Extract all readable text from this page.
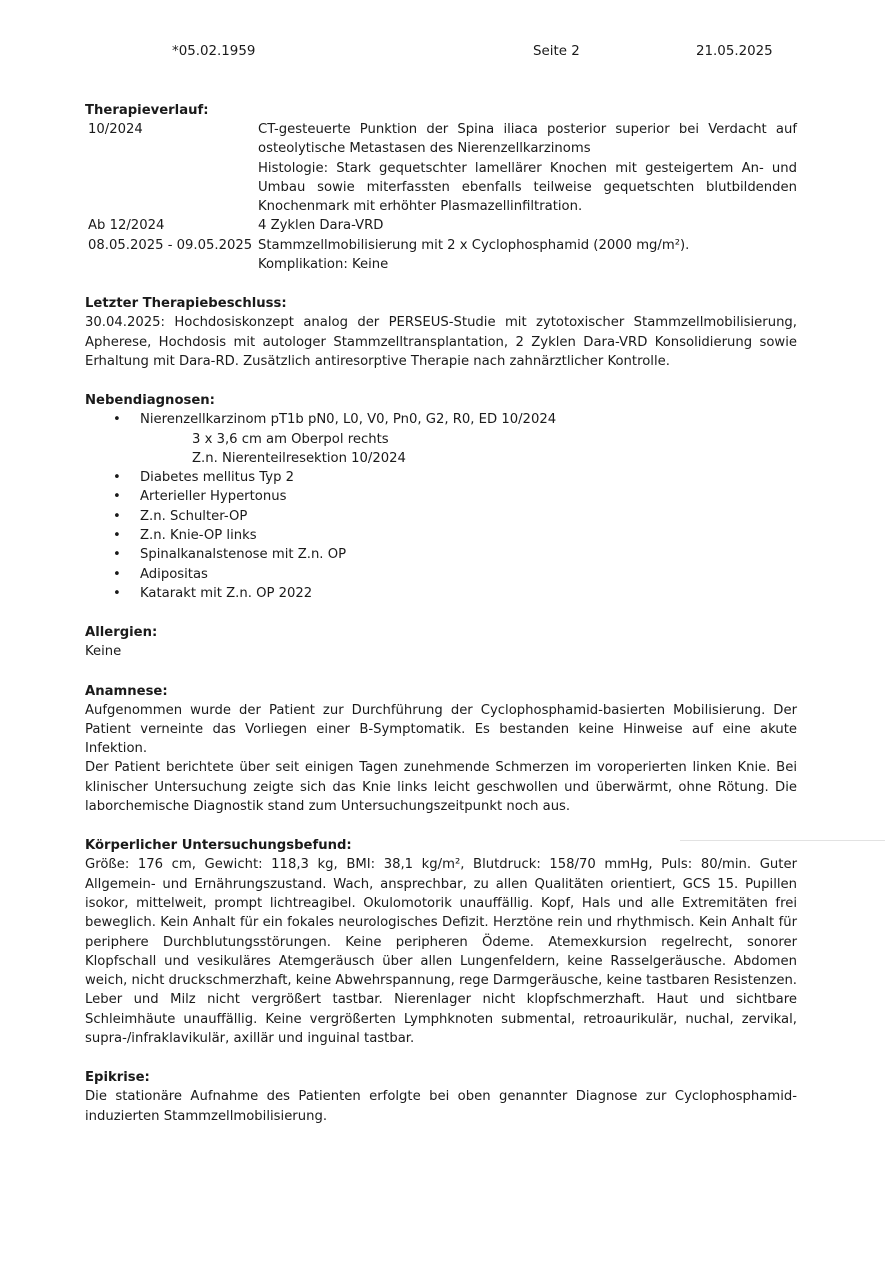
*05.02.1959	Seite 2	21.05.2025

Therapieverlauf:

10/2024	CT-gesteuerte Punktion der Spina iliaca posterior superior bei Verdacht auf osteolytische Metastasen des Nierenzellkarzinoms
Histologie: Stark gequetschter lamellärer Knochen mit gesteigertem An- und Umbau sowie miterfassten ebenfalls teilweise gequetschten blutbildenden Knochenmark mit erhöhter Plasmazellinfiltration.
Ab 12/2024	4 Zyklen Dara-VRD
08.05.2025 - 09.05.2025 Stammzellmobilisierung mit 2 x Cyclophosphamid (2000 mg/m²).
Komplikation: Keine

Letzter Therapiebeschluss:

30.04.2025: Hochdosiskonzept analog der PERSEUS-Studie mit zytotoxischer Stammzellmobilisierung, Apherese, Hochdosis mit autologer Stammzelltransplantation, 2 Zyklen Dara-VRD Konsolidierung sowie Erhaltung mit Dara-RD. Zusätzlich antiresorptive Therapie nach zahnärztlicher Kontrolle.

Nebendiagnosen:

• Nierenzellkarzinom pT1b pN0, L0, V0, Pn0, G2, R0, ED 10/2024
3 x 3,6 cm am Oberpol rechts
Z.n. Nierenteilresektion 10/2024
• Diabetes mellitus Typ 2
• Arterieller Hypertonus
• Z.n. Schulter-OP
• Z.n. Knie-OP links
• Spinalkanalstenose mit Z.n. OP
• Adipositas
• Katarakt mit Z.n. OP 2022

Allergien:

Keine

Anamnese:

Aufgenommen wurde der Patient zur Durchführung der Cyclophosphamid-basierten Mobilisierung. Der Patient verneinte das Vorliegen einer B-Symptomatik. Es bestanden keine Hinweise auf eine akute Infektion.

Der Patient berichtete über seit einigen Tagen zunehmende Schmerzen im voroperierten linken Knie. Bei klinischer Untersuchung zeigte sich das Knie links leicht geschwollen und überwärmt, ohne Rötung. Die laborchemische Diagnostik stand zum Untersuchungszeitpunkt noch aus.

Körperlicher Untersuchungsbefund:

Größe: 176 cm, Gewicht: 118,3 kg, BMI: 38,1 kg/m², Blutdruck: 158/70 mmHg, Puls: 80/min. Guter Allgemein- und Ernährungszustand. Wach, ansprechbar, zu allen Qualitäten orientiert, GCS 15. Pupillen isokor, mittelweit, prompt lichtreagibel. Okulomotorik unauffällig. Kopf, Hals und alle Extremitäten frei beweglich. Kein Anhalt für ein fokales neurologisches Defizit. Herztöne rein und rhythmisch. Kein Anhalt für periphere Durchblutungsstörungen. Keine peripheren Ödeme. Atemexkursion regelrecht, sonorer Klopfschall und vesikuläres Atemgeräusch über allen Lungenfeldern, keine Rasselgeräusche. Abdomen weich, nicht druckschmerzhaft, keine Abwehrspannung, rege Darmgeräusche, keine tastbaren Resistenzen. Leber und Milz nicht vergrößert tastbar. Nierenlager nicht klopfschmerzhaft. Haut und sichtbare Schleimhäute unauffällig. Keine vergrößerten Lymphknoten submental, retroaurikulär, nuchal, zervikal, supra-/infraklavikulär, axillär und inguinal tastbar.

Epikrise:

Die stationäre Aufnahme des Patienten erfolgte bei oben genannter Diagnose zur Cyclophosphamid-induzierten Stammzellmobilisierung.
